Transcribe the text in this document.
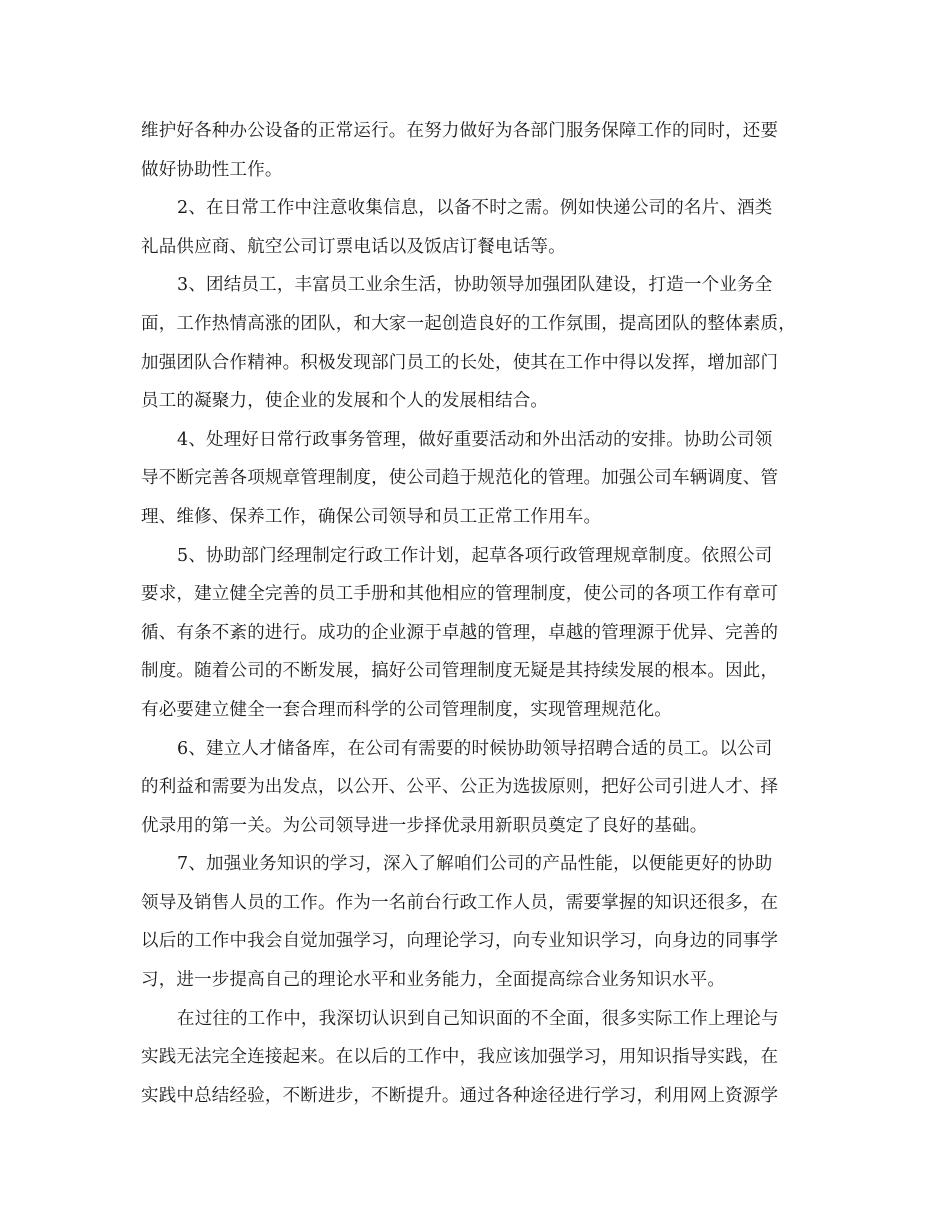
维护好各种办公设备的正常运行。在努力做好为各部门服务保障工作的同时，还要
做好协助性工作。
2、在日常工作中注意收集信息，以备不时之需。例如快递公司的名片、酒类
礼品供应商、航空公司订票电话以及饭店订餐电话等。
3、团结员工，丰富员工业余生活，协助领导加强团队建设，打造一个业务全
面，工作热情高涨的团队，和大家一起创造良好的工作氛围，提高团队的整体素质，
加强团队合作精神。积极发现部门员工的长处，使其在工作中得以发挥，增加部门
员工的凝聚力，使企业的发展和个人的发展相结合。
4、处理好日常行政事务管理，做好重要活动和外出活动的安排。协助公司领
导不断完善各项规章管理制度，使公司趋于规范化的管理。加强公司车辆调度、管
理、维修、保养工作，确保公司领导和员工正常工作用车。
5、协助部门经理制定行政工作计划，起草各项行政管理规章制度。依照公司
要求，建立健全完善的员工手册和其他相应的管理制度，使公司的各项工作有章可
循、有条不紊的进行。成功的企业源于卓越的管理，卓越的管理源于优异、完善的
制度。随着公司的不断发展，搞好公司管理制度无疑是其持续发展的根本。因此，
有必要建立健全一套合理而科学的公司管理制度，实现管理规范化。
6、建立人才储备库，在公司有需要的时候协助领导招聘合适的员工。以公司
的利益和需要为出发点，以公开、公平、公正为选拔原则，把好公司引进人才、择
优录用的第一关。为公司领导进一步择优录用新职员奠定了良好的基础。
7、加强业务知识的学习，深入了解咱们公司的产品性能，以便能更好的协助
领导及销售人员的工作。作为一名前台行政工作人员，需要掌握的知识还很多，在
以后的工作中我会自觉加强学习，向理论学习，向专业知识学习，向身边的同事学
习，进一步提高自己的理论水平和业务能力，全面提高综合业务知识水平。
在过往的工作中，我深切认识到自己知识面的不全面，很多实际工作上理论与
实践无法完全连接起来。在以后的工作中，我应该加强学习，用知识指导实践，在
实践中总结经验，不断进步，不断提升。通过各种途径进行学习，利用网上资源学
